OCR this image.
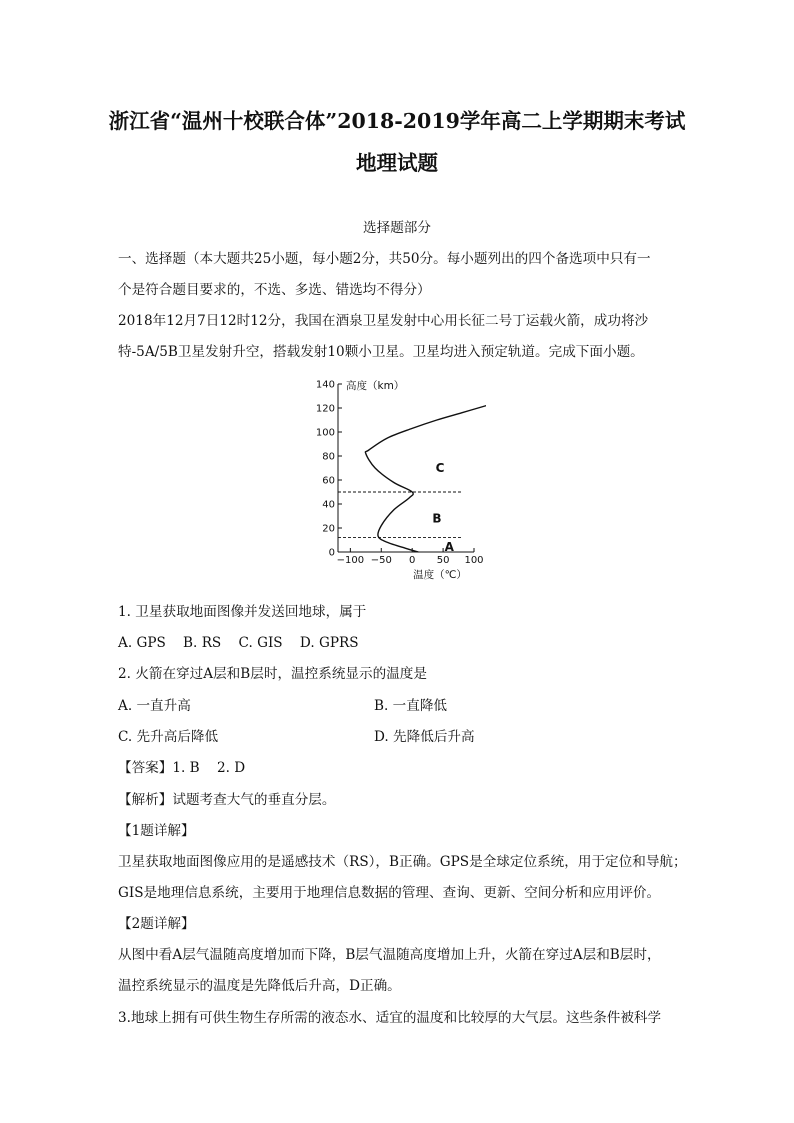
浙江省“温州十校联合体”2018-2019学年高二上学期期末考试
地理试题
选择题部分
一、选择题（本大题共25小题，每小题2分，共50分。每小题列出的四个备选项中只有一
个是符合题目要求的，不选、多选、错选均不得分）
2018年12月7日12时12分，我国在酒泉卫星发射中心用长征二号丁运载火箭，成功将沙
特-5A/5B卫星发射升空，搭载发射10颗小卫星。卫星均进入预定轨道。完成下面小题。
140
120
100
80
60
40
20
0
−100 −50 0 50 100
高度（km）
温度（℃）
A
B
C
1. 卫星获取地面图像并发送回地球，属于
A. GPS    B. RS    C. GIS    D. GPRS
2. 火箭在穿过A层和B层时，温控系统显示的温度是
A. 一直升高	B. 一直降低
C. 先升高后降低	D. 先降低后升高
【答案】1. B    2. D
【解析】试题考查大气的垂直分层。
【1题详解】
卫星获取地面图像应用的是遥感技术（RS），B正确。GPS是全球定位系统，用于定位和导航；
GIS是地理信息系统，主要用于地理信息数据的管理、查询、更新、空间分析和应用评价。
【2题详解】
从图中看A层气温随高度增加而下降，B层气温随高度增加上升，火箭在穿过A层和B层时，
温控系统显示的温度是先降低后升高，D正确。
3.地球上拥有可供生物生存所需的液态水、适宜的温度和比较厚的大气层。这些条件被科学
